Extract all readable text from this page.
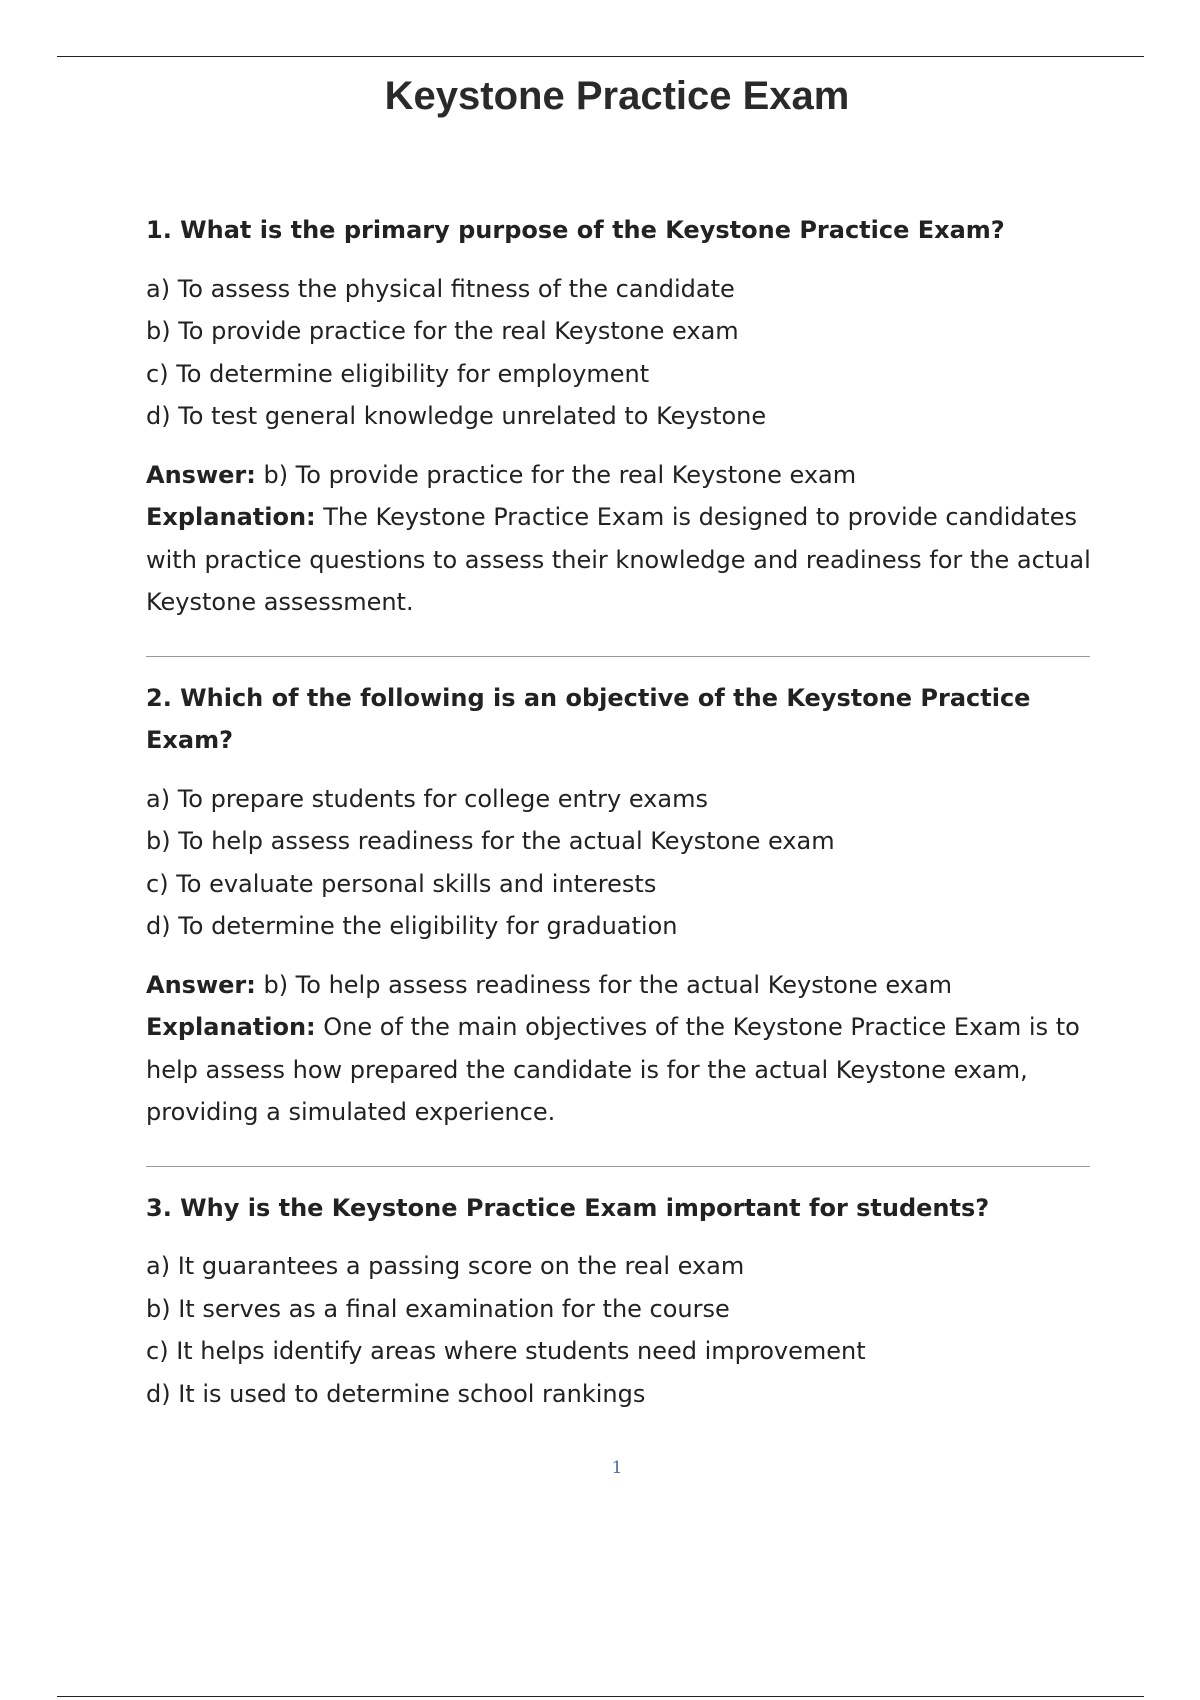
Keystone Practice Exam

1. What is the primary purpose of the Keystone Practice Exam?

a) To assess the physical fitness of the candidate
b) To provide practice for the real Keystone exam
c) To determine eligibility for employment
d) To test general knowledge unrelated to Keystone

Answer: b) To provide practice for the real Keystone exam

Explanation: The Keystone Practice Exam is designed to provide candidates with practice questions to assess their knowledge and readiness for the actual Keystone assessment.

2. Which of the following is an objective of the Keystone Practice Exam?

a) To prepare students for college entry exams
b) To help assess readiness for the actual Keystone exam
c) To evaluate personal skills and interests
d) To determine the eligibility for graduation

Answer: b) To help assess readiness for the actual Keystone exam

Explanation: One of the main objectives of the Keystone Practice Exam is to help assess how prepared the candidate is for the actual Keystone exam, providing a simulated experience.

3. Why is the Keystone Practice Exam important for students?

a) It guarantees a passing score on the real exam
b) It serves as a final examination for the course
c) It helps identify areas where students need improvement
d) It is used to determine school rankings
1
